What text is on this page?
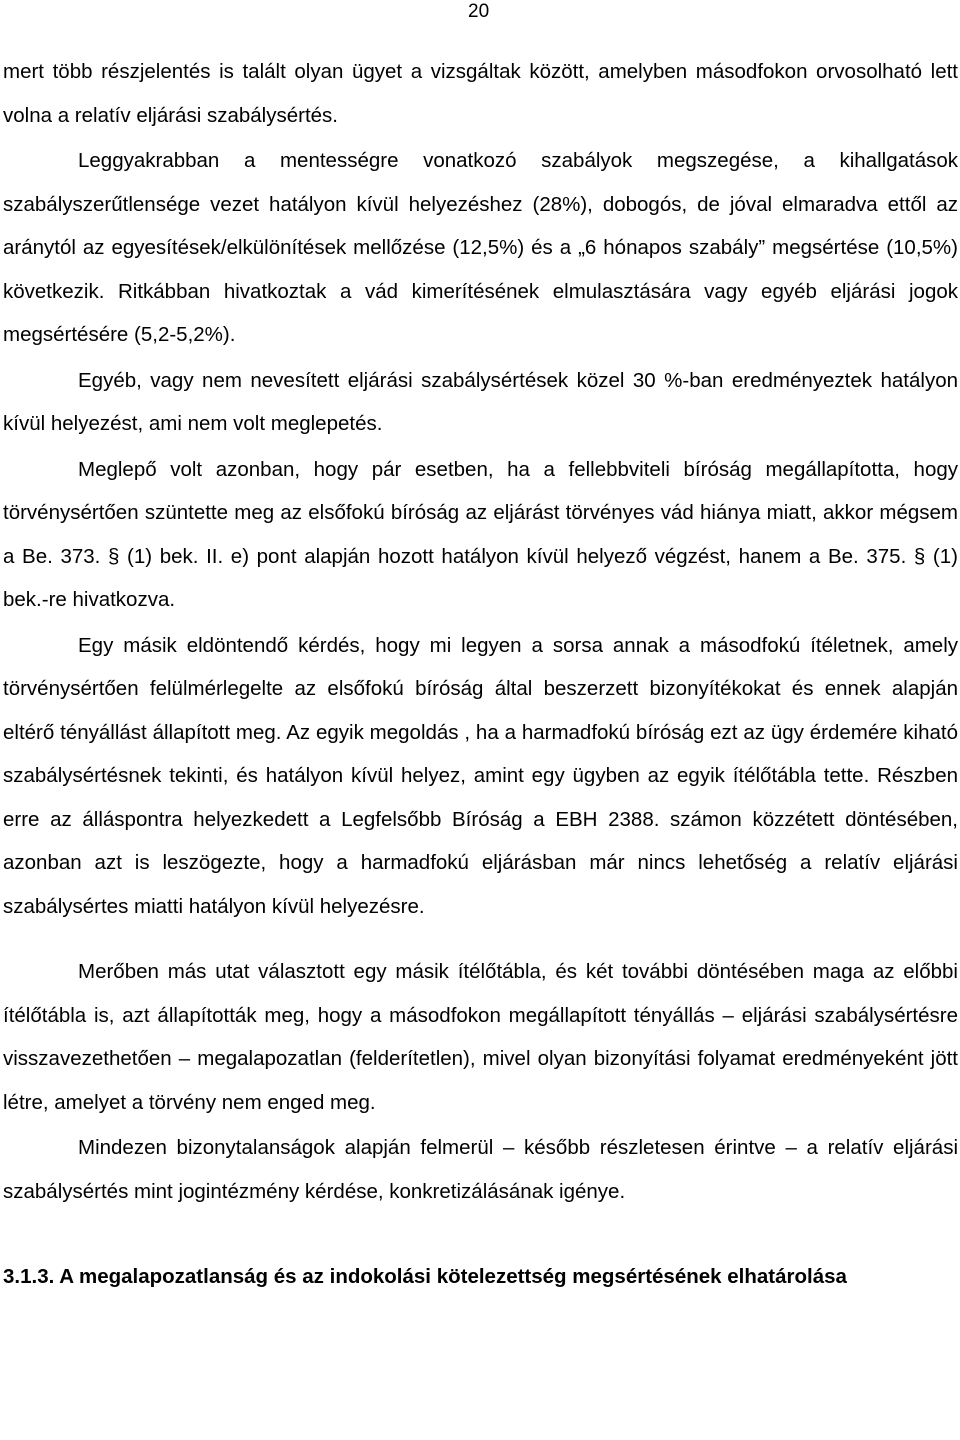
20

mert több részjelentés is talált olyan ügyet a vizsgáltak között, amelyben másodfokon orvosolható lett volna a relatív eljárási szabálysértés.

Leggyakrabban a mentességre vonatkozó szabályok megszegése, a kihallgatások szabályszerűtlensége vezet hatályon kívül helyezéshez (28%), dobogós, de jóval elmaradva ettől az aránytól az egyesítések/elkülönítések mellőzése (12,5%) és a „6 hónapos szabály” megsértése (10,5%) következik. Ritkábban hivatkoztak a vád kimerítésének elmulasztására vagy egyéb eljárási jogok megsértésére (5,2-5,2%).

Egyéb, vagy nem nevesített eljárási szabálysértések közel 30 %-ban eredményeztek hatályon kívül helyezést, ami nem volt meglepetés.

Meglepő volt azonban, hogy pár esetben, ha a fellebbviteli bíróság megállapította, hogy törvénysértően szüntette meg az elsőfokú bíróság az eljárást törvényes vád hiánya miatt, akkor mégsem a Be. 373. § (1) bek. II. e) pont alapján hozott hatályon kívül helyező végzést, hanem a Be. 375. § (1) bek.-re hivatkozva.

Egy másik eldöntendő kérdés, hogy mi legyen a sorsa annak a másodfokú ítéletnek, amely törvénysértően felülmérlegelte az elsőfokú bíróság által beszerzett bizonyítékokat és ennek alapján eltérő tényállást állapított meg. Az egyik megoldás , ha a harmadfokú bíróság ezt az ügy érdemére kiható szabálysértésnek tekinti, és hatályon kívül helyez, amint egy ügyben az egyik ítélőtábla tette. Részben erre az álláspontra helyezkedett a Legfelsőbb Bíróság a EBH 2388. számon közzétett döntésében, azonban azt is leszögezte, hogy a harmadfokú eljárásban már nincs lehetőség a relatív eljárási szabálysértes miatti hatályon kívül helyezésre.

Merőben más utat választott egy másik ítélőtábla, és két további döntésében maga az előbbi ítélőtábla is, azt állapították meg, hogy a másodfokon megállapított tényállás – eljárási szabálysértésre visszavezethetően – megalapozatlan (felderítetlen), mivel olyan bizonyítási folyamat eredményeként jött létre, amelyet a törvény nem enged meg.

Mindezen bizonytalanságok alapján felmerül – később részletesen érintve – a relatív eljárási szabálysértés mint jogintézmény kérdése, konkretizálásának igénye.

3.1.3. A megalapozatlanság és az indokolási kötelezettség megsértésének elhatárolása
